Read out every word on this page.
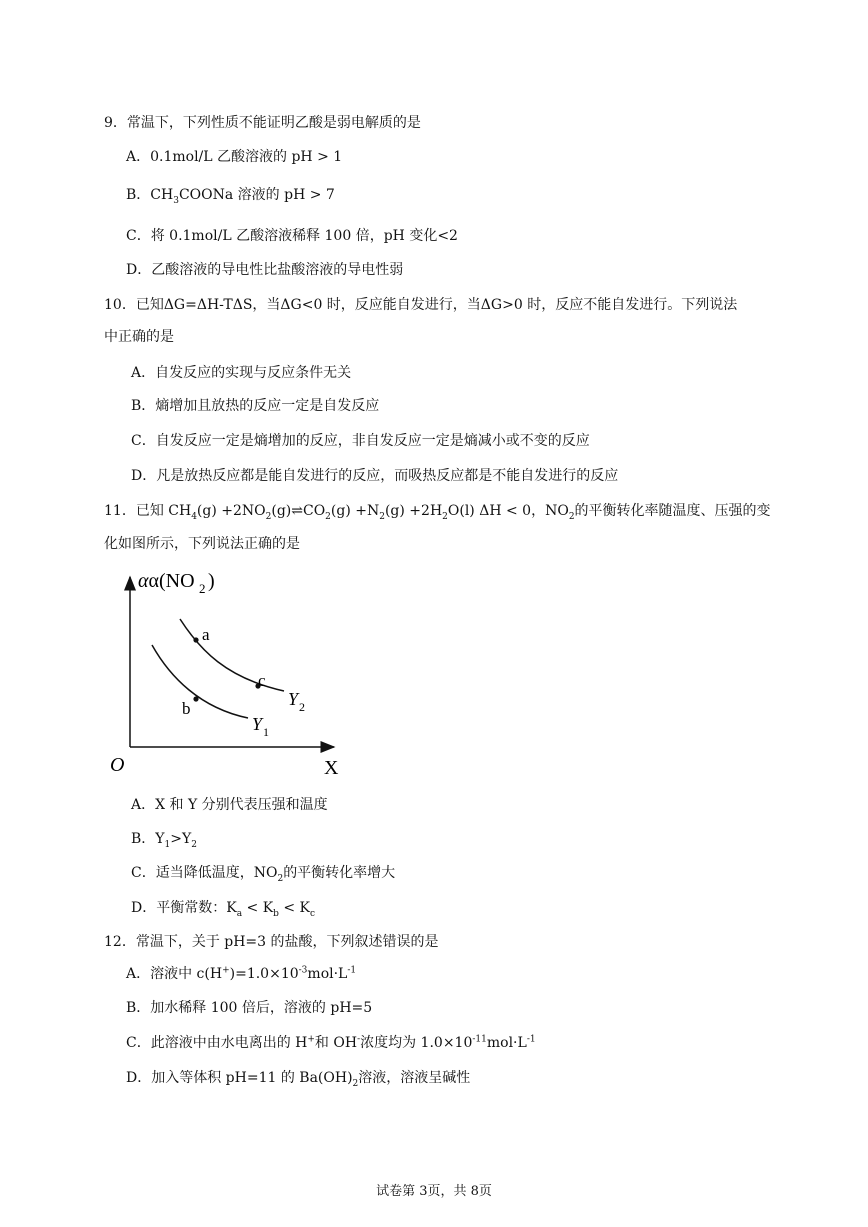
9．常温下，下列性质不能证明乙酸是弱电解质的是
A．0.1mol/L 乙酸溶液的 pH > 1
B．$CH_3COONa$ 溶液的 pH > 7
C．将 0.1mol/L 乙酸溶液稀释 100 倍，pH 变化<2
D．乙酸溶液的导电性比盐酸溶液的导电性弱
10．已知ΔG=ΔH-TΔS，当ΔG<0 时，反应能自发进行，当ΔG>0 时，反应不能自发进行。下列说法
中正确的是
A．自发反应的实现与反应条件无关
B．熵增加且放热的反应一定是自发反应
C．自发反应一定是熵增加的反应，非自发反应一定是熵减小或不变的反应
D．凡是放热反应都是能自发进行的反应，而吸热反应都是不能自发进行的反应
11．已知 $CH_4(g)$ $+2NO_2(g)\rightleftharpoons CO_2(g) +N_2(g) +2H_2O(l) \Delta H < 0$，$NO_2$的平衡转化率随温度、压强的变
化如图所示，下列说法正确的是
αα(NO 2 )
a
c
b	Y 2
Y 1
O	X
A．X 和 Y 分别代表压强和温度
B．$Y_1>Y_2$
C．适当降低温度，$NO_2$的平衡转化率增大
D．平衡常数：$K_a < K_b < K_c$
12．常温下，关于 pH=3 的盐酸，下列叙述错误的是
A．溶液中 $c(H^+)=1.0\times 10^{-3}mol\cdot L^{-1}$
B．加水稀释 100 倍后，溶液的 pH=5
C．此溶液中由水电离出的 H+和 OH-浓度均为 $1.0\times 10^{-11}mol\cdot L^{-1}$
D．加入等体积 pH=11 的 $Ba(OH)_2$溶液，溶液呈碱性
试卷第 3页，共 8页
